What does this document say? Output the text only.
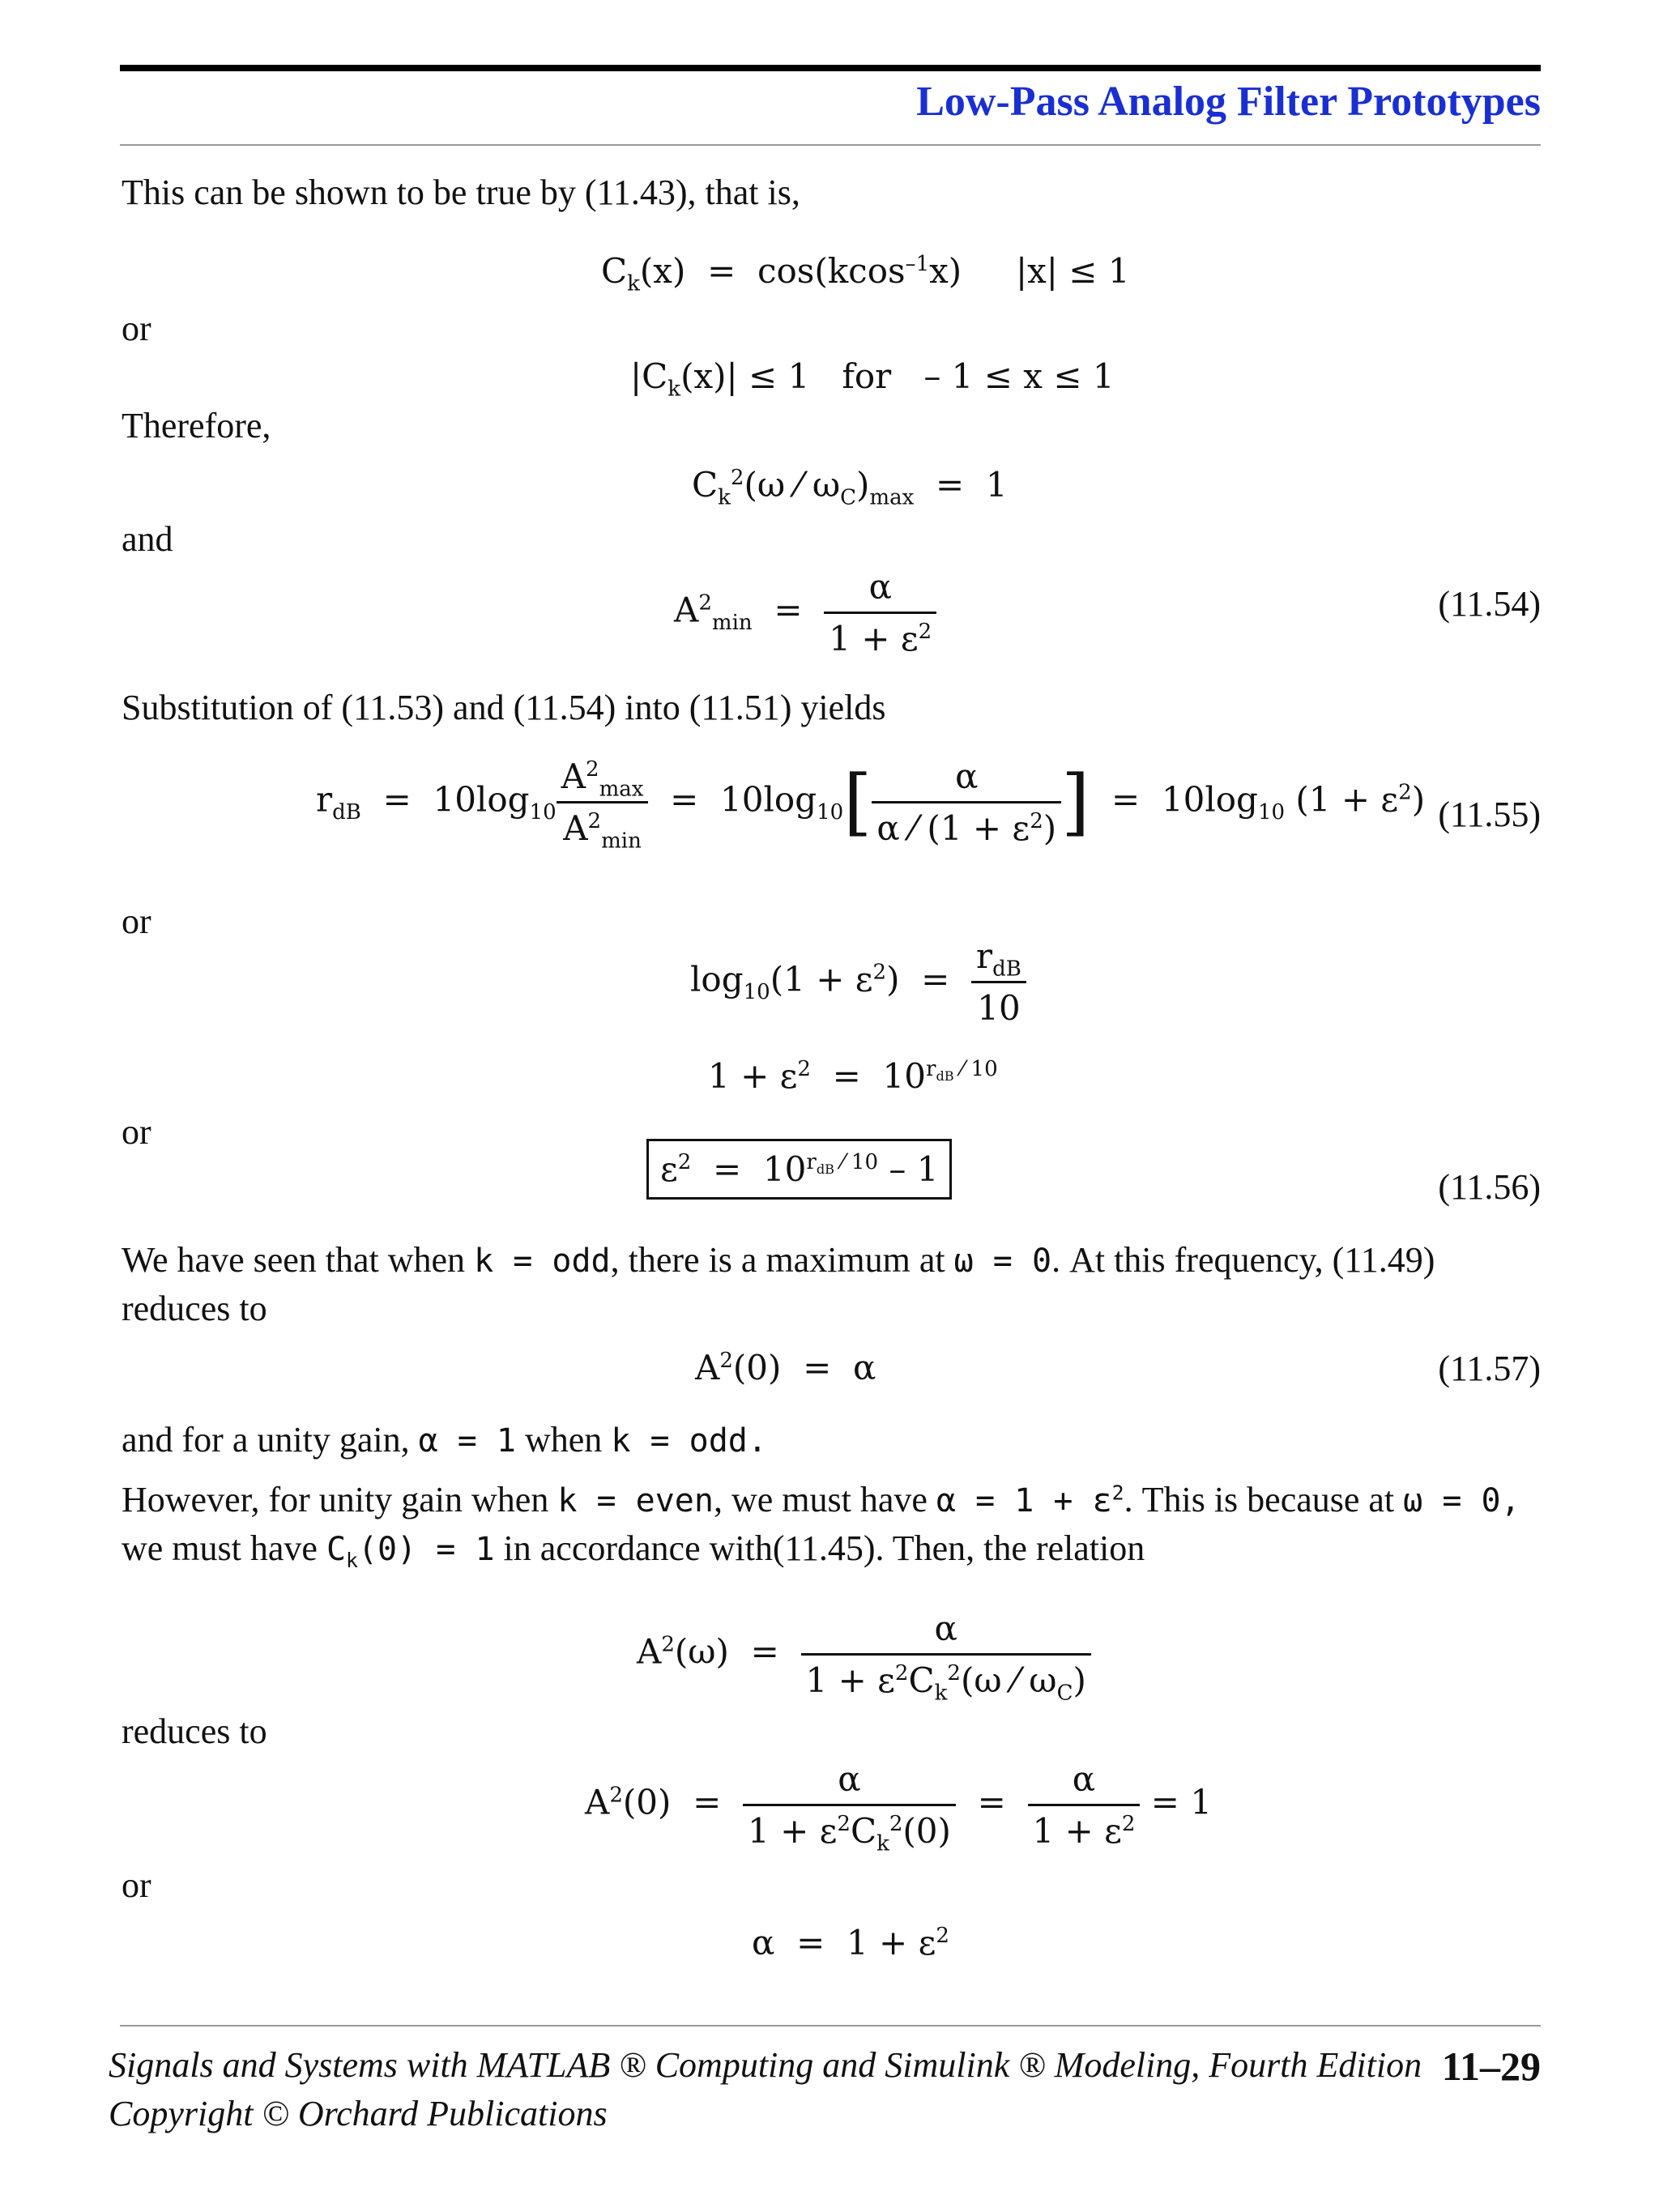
Low-Pass Analog Filter Prototypes
This can be shown to be true by (11.43), that is,
$C_k(x) = \cos(kcos^{-1}x)$     |x| ≤ 1
or
$|C_k(x)| \le 1$   for   – 1 ≤ x ≤ 1
Therefore,
$C_k^2(\omega$ ⁄ $\omega_C)_{max} = 1$
and
$A^2_{min} = \frac{\alpha}{1 + \varepsilon^2}$	(11.54)
Substitution of (11.53) and (11.54) into (11.51) yields
$r_{dB} = 10\log_{10} \frac{A^2_{max}}{A^2_{min}} = 10\log_{10}[ \frac{\alpha}{\alpha ⁄ (1 + \varepsilon^2)}$ ]  =  $10\log_{10}$ $(1 + \varepsilon^2)$ (11.55)
or
$\log_{10}(1 + \varepsilon^2) = \frac{r_{dB}}{10}$
$1 + \varepsilon^2 = 10^{r_{dB} ⁄ 10}$
or
$\varepsilon^2 = 10^{r_{dB} ⁄ 10} - 1$	(11.56)
We have seen that when k = odd, there is a maximum at ω = 0. At this frequency, (11.49)
reduces to
$A^2(0) = \alpha$	(11.57)
and for a unity gain, α = 1 when k = odd.
However, for unity gain when k = even, we must have $\alpha = 1 + \varepsilon^2$. This is because at ω = 0,
we must have $C_k(0) = 1$ in accordance with(11.45). Then, the relation
$A^2(\omega) = \frac{\alpha}{1 + \varepsilon^2C_k^2(\omega ⁄ \omega_C)}$
reduces to
$A^2(0) = \frac{\alpha}{1 + \varepsilon^2C_k^2(0)} = \frac{\alpha}{1 + \varepsilon^2} = 1$
or
$\alpha = 1 + \varepsilon^2$
Signals and Systems with MATLAB ® Computing and Simulink ® Modeling, Fourth Edition
Copyright © Orchard Publications
11–29
